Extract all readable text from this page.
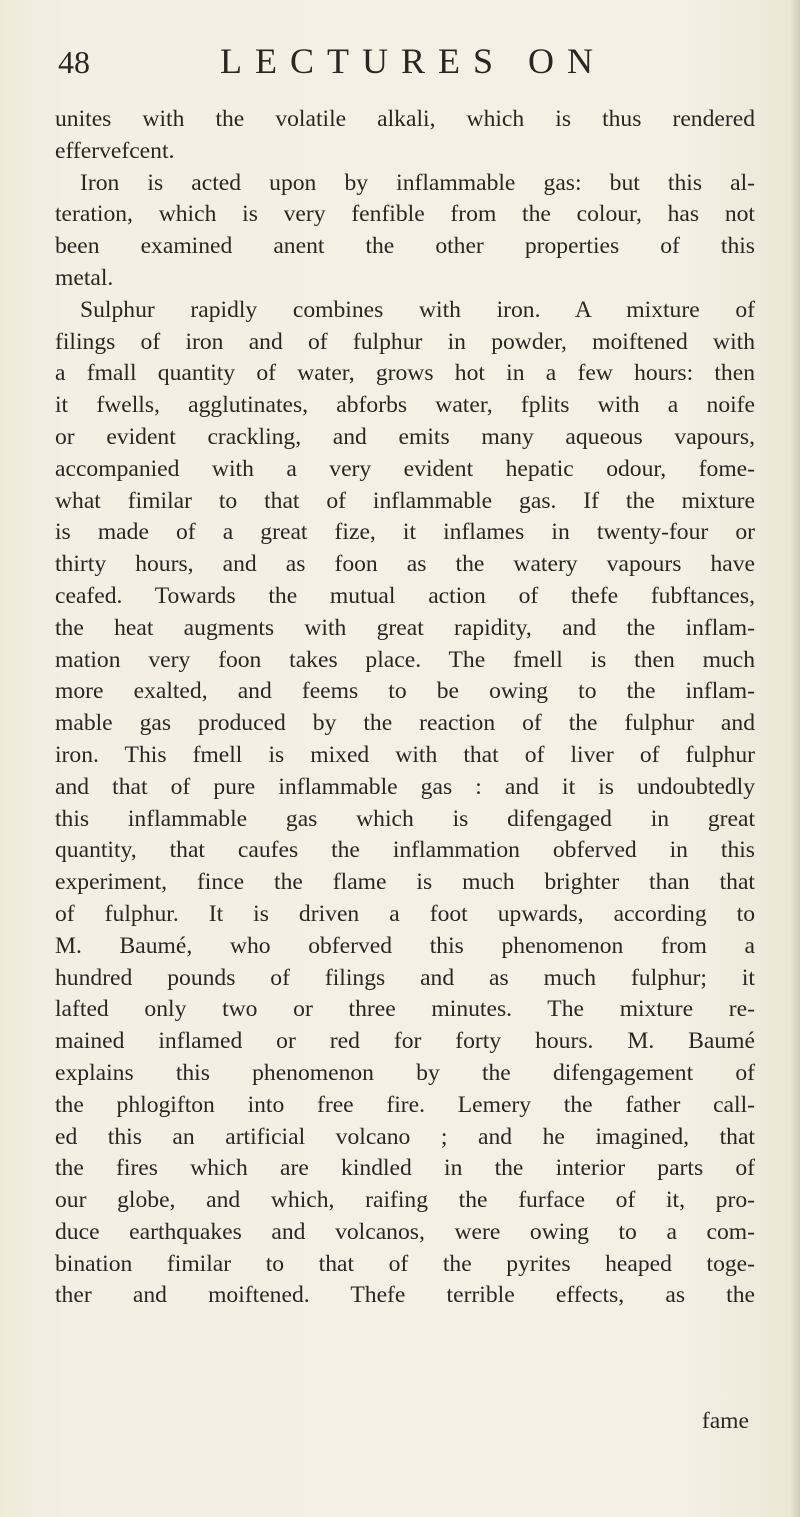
48	LECTURES ON
unites with the volatile alkali, which is thus rendered
effervefcent.
Iron is acted upon by inflammable gas: but this al-
teration, which is very fenfible from the colour, has not
been examined anent the other properties of this
metal.
Sulphur rapidly combines with iron. A mixture of
filings of iron and of fulphur in powder, moiftened with
a fmall quantity of water, grows hot in a few hours: then
it fwells, agglutinates, abforbs water, fplits with a noife
or evident crackling, and emits many aqueous vapours,
accompanied with a very evident hepatic odour, fome-
what fimilar to that of inflammable gas. If the mixture
is made of a great fize, it inflames in twenty-four or
thirty hours, and as foon as the watery vapours have
ceafed. Towards the mutual action of thefe fubftances,
the heat augments with great rapidity, and the inflam-
mation very foon takes place. The fmell is then much
more exalted, and feems to be owing to the inflam-
mable gas produced by the reaction of the fulphur and
iron. This fmell is mixed with that of liver of fulphur
and that of pure inflammable gas : and it is undoubtedly
this inflammable gas which is difengaged in great
quantity, that caufes the inflammation obferved in this
experiment, fince the flame is much brighter than that
of fulphur. It is driven a foot upwards, according to
M. Baumé, who obferved this phenomenon from a
hundred pounds of filings and as much fulphur; it
lafted only two or three minutes. The mixture re-
mained inflamed or red for forty hours. M. Baumé
explains this phenomenon by the difengagement of
the phlogifton into free fire. Lemery the father call-
ed this an artificial volcano ; and he imagined, that
the fires which are kindled in the interior parts of
our globe, and which, raifing the furface of it, pro-
duce earthquakes and volcanos, were owing to a com-
bination fimilar to that of the pyrites heaped toge-
ther and moiftened. Thefe terrible effects, as the
fame
